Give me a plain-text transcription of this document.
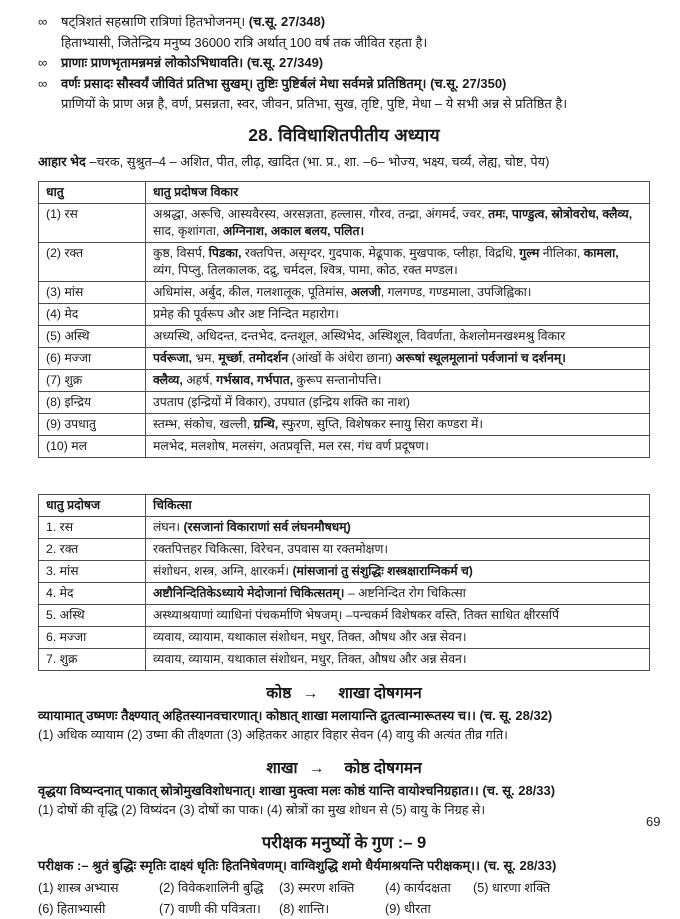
∞	षट्त्रिशतं सहस्राणि रात्रिणां हितभोजनम्। (च.सू. 27/348)
हिताभ्यासी, जितेन्द्रिय मनुष्य 36000 रात्रि अर्थात् 100 वर्ष तक जीवित रहता है।
∞	प्राणाः प्राणभृतामन्नमन्नं लोकोऽभिधावति। (च.सू. 27/349)
∞	वर्णः प्रसादः सौस्वर्यं जीवितं प्रतिभा सुखम्। तुष्टिः पुष्टिर्बलं मेधा सर्वमन्ने प्रतिष्ठितम्। (च.सू. 27/350)
प्राणियों के प्राण अन्न है, वर्ण, प्रसन्नता, स्वर, जीवन, प्रतिभा, सुख, तृष्टि, पुष्टि, मेधा – ये सभी अन्न से प्रतिष्ठित है।
28. विविधाशितपीतीय अध्याय
आहार भेद –चरक, सुश्रुत–4 – अशित, पीत, लीढ़, खादित (भा. प्र., शा. –6– भोज्य, भक्ष्य, चर्व्य, लेह्य, चोष्ट, पेय)
धातु	धातु प्रदोषज विकार
(1) रस	अश्रद्धा, अरूचि, आस्यवैरस्य, अरसज्ञता, हल्लास, गौरव, तन्द्रा, अंगमर्द, ज्वर, तमः, पाण्डुत्व, स्रोत्रोवरोध, क्लैव्य, साद, कृशांगता, अग्निनाश, अकाल बलय, पलित।
(2) रक्त	कुष्ठ, विसर्प, पिडका, रक्तपित्त, असृग्दर, गुदपाक, मेढूपाक, मुखपाक, प्लीहा, विद्रधि, गुल्म नीलिका, कामला, व्यंग, पिप्लु, तिलकालक, दद्रु, चर्मदल, श्वित्र, पामा, कोठ, रक्त मण्डल।
(3) मांस	अधिमांस, अर्बुद, कील, गलशालूक, पूतिमांस, अलजी, गलगण्ड, गण्डमाला, उपजिह्विका।
(4) मेद	प्रमेह की पूर्वरूप और अष्ट निन्दित महारोग।
(5) अस्थि	अध्यस्थि, अधिदन्त, दन्तभेद, दन्तशूल, अस्थिभेद, अस्थिशूल, विवर्णता, केशलोमनखश्मश्रु विकार
(6) मज्जा	पर्वरूजा, भ्रम, मूर्च्छा, तमोदर्शन (आंखों के अंधेरा छाना) अरूषां स्थूलमूलानां पर्वजानां च दर्शनम्।
(7) शुक्र	क्लैव्य, अहर्ष, गर्भस्राव, गर्भपात, कुरूप सन्तानोपत्ति।
(8) इन्द्रिय	उपताप (इन्द्रियों में विकार), उपघात (इन्द्रिय शक्ति का नाश)
(9) उपधातु	स्तम्भ, संकोच, खल्ली, ग्रन्थि, स्फुरण, सुप्ति, विशेषकर स्नायु सिरा कण्डरा में।
(10) मल	मलभेद, मलशोष, मलसंग, अतप्रवृत्ति, मल रस, गंध वर्ण प्रदूषण।
धातु प्रदोषज	चिकित्सा
1. रस	लंघन। (रसजानां विकाराणां सर्व लंघनमौषधम्)
2. रक्त	रक्तपित्तहर चिकित्सा, विरेचन, उपवास या रक्तमोक्षण।
3. मांस	संशोधन, शस्त्र, अग्नि, क्षारकर्म। (मांसजानां तु संशुद्धिः शस्त्रक्षाराग्निकर्म च)
4. मेद	अष्टौनिन्दितिकेऽध्याये मेदोजानां चिकित्सतम्। – अष्टनिन्दित रोग चिकित्सा
5. अस्थि	अस्थ्याश्रयाणां व्याधिनां पंचकर्माणि भेषजम्। –पन्चकर्म विशेषकर वस्ति, तिक्त साधित क्षीरसर्पि
6. मज्जा	व्यवाय, व्यायाम, यथाकाल संशोधन, मधुर, तिक्त, औषध और अन्न सेवन।
7. शुक्र	व्यवाय, व्यायाम, यथाकाल संशोधन, मधुर, तिक्त, औषध और अन्न सेवन।
कोष्ठ → शाखा दोषगमन
व्यायामात् उष्मणः तैक्ष्ण्यात् अहितस्यानवचारणात्। कोष्ठात् शाखा मलायान्ति द्रुतत्वान्मारूतस्य च।। (च. सू. 28/32)
(1) अधिक व्यायाम (2) उष्मा की तीक्ष्णता (3) अहितकर आहार विहार सेवन (4) वायु की अत्यंत तीव्र गति।
शाखा → कोष्ठ दोषगमन
वृद्धया विष्यन्दनात् पाकात् स्रोत्रोमुखविशोधनात्। शाखा मुक्त्वा मलः कोष्ठं यान्ति वायोश्चनिग्रहात।। (च. सू. 28/33)
(1) दोषों की वृद्धि (2) विष्यंदन (3) दोषों का पाक। (4) स्रोत्रों का मुख शोधन से (5) वायु के निग्रह से।
परीक्षक मनुष्यों के गुण :– 9
परीक्षक :– श्रुतं बुद्धिः स्मृतिः दाक्ष्यं धृतिः हितनिषेवणम्। वाग्विशुद्धि शमो धैर्यमाश्रयन्ति परीक्षकम्।। (च. सू. 28/33)
(1) शास्त्र अभ्यास	(2) विवेकशालिनी बुद्धि	(3) स्मरण शक्ति	(4) कार्यदक्षता	(5) धारणा शक्ति
(6) हिताभ्यासी	(7) वाणी की पवित्रता।	(8) शान्ति।	(9) धीरता
69
